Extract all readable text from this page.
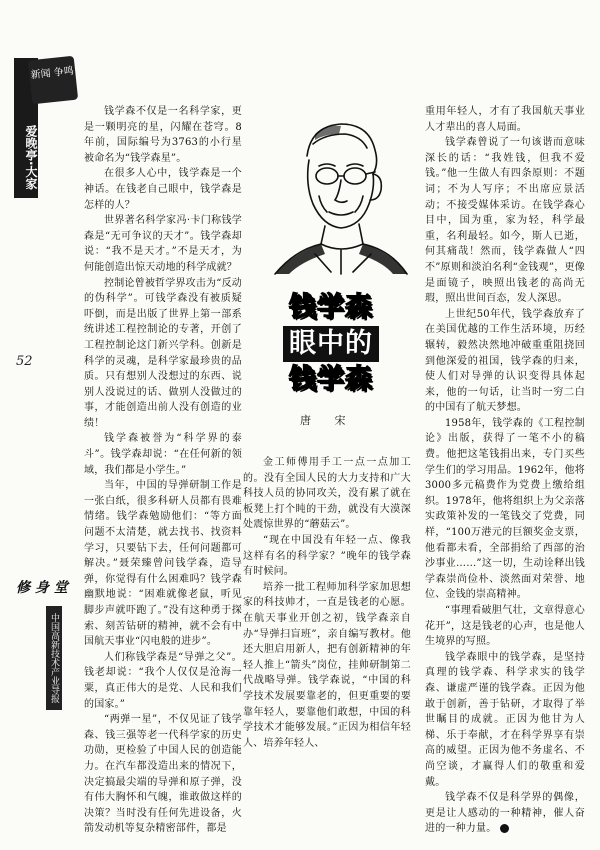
新闻 争鸣
爱晚亭·大家
52
修 身 堂
中国高新技术产业导报

钱学森不仅是一名科学家，更是一颗明亮的星，闪耀在苍穹。8年前，国际编号为3763的小行星被命名为“钱学森星”。

在很多人心中，钱学森是一个神话。在钱老自己眼中，钱学森是怎样的人？

世界著名科学家冯·卡门称钱学森是“无可争议的天才”。钱学森却说：“我不是天才。”不是天才，为何能创造出惊天动地的科学成就？

控制论曾被哲学界攻击为“反动的伪科学”。可钱学森没有被质疑吓倒，而是出版了世界上第一部系统讲述工程控制论的专著，开创了工程控制论这门新兴学科。创新是科学的灵魂，是科学家最珍贵的品质。只有想别人没想过的东西、说别人没说过的话、做别人没做过的事，才能创造出前人没有创造的业绩！

钱学森被誉为“科学界的泰斗”。钱学森却说：“在任何新的领域，我们都是小学生。”

当年，中国的导弹研制工作是一张白纸，很多科研人员都有畏难情绪。钱学森勉励他们：“等方面问题不太清楚，就去找书、找资料学习，只要钻下去，任何问题都可解决。”聂荣臻曾问钱学森，造导弹，你觉得有什么困难吗？钱学森幽默地说：“困难就像老鼠，听见脚步声就吓跑了。”没有这种勇于探索、刻苦钻研的精神，就不会有中国航天事业“闪电般的进步”。

人们称钱学森是“导弹之父”。钱老却说：“我个人仅仅是沧海一粟，真正伟大的是党、人民和我们的国家。”

“两弹一星”，不仅见证了钱学森、钱三强等老一代科学家的历史功勋，更检验了中国人民的创造能力。在汽车都没造出来的情况下，决定搞最尖端的导弹和原子弹，没有伟大胸怀和气魄，谁敢做这样的决策？当时没有任何先进设备，火箭发动机等复杂精密部件，都是

钱学森
眼中的
钱学森
唐 宋

金工师傅用手工一点一点加工的。没有全国人民的大力支持和广大科技人员的协同攻关，没有累了就在板凳上打个盹的干劲，就没有大漠深处震惊世界的“蘑菇云”。

“现在中国没有年轻一点、像我这样有名的科学家？”晚年的钱学森有时候问。

培养一批工程师加科学家加思想家的科技帅才，一直是钱老的心愿。在航天事业开创之初，钱学森亲自办“导弹扫盲班”，亲自编写教材。他还大胆启用新人，把有创新精神的年轻人推上“箭头”岗位，挂帅研制第二代战略导弹。钱学森说，“中国的科学技术发展要靠老的，但更重要的要靠年轻人，要靠他们敢想，中国的科学技术才能够发展。”正因为相信年轻人、培养年轻人、

重用年轻人，才有了我国航天事业人才辈出的喜人局面。

钱学森曾说了一句该谐而意味深长的话：“我姓钱，但我不爱钱。”他一生做人有四条原则：不题词；不为人写序；不出席应景活动；不接受媒体采访。在钱学森心目中，国为重，家为轻，科学最重，名利最轻。如今，斯人已逝，何其痛哉！然而，钱学森做人“四不”原则和淡泊名利“金钱观”，更像是面镜子，映照出钱老的高尚无瑕，照出世间百态，发人深思。

上世纪50年代，钱学森放弃了在美国优越的工作生活环境，历经辗转，毅然决然地冲破重重阻挠回到他深爱的祖国，钱学森的归来，使人们对导弹的认识变得具体起来，他的一句话，让当时一穷二白的中国有了航天梦想。

1958年，钱学森的《工程控制论》出版，获得了一笔不小的稿费。他把这笔钱捐出来，专门买些学生们的学习用品。1962年，他将3000多元稿费作为党费上缴给组织。1978年，他将组织上为父亲落实政策补发的一笔钱交了党费，同样，“100万港元的巨额奖金支票，他看都未看，全部捐给了西部的治沙事业……”这一切，生动诠释出钱学森崇尚俭朴、淡然面对荣誉、地位、金钱的崇高精神。

“事理看破胆气壮，文章得意心花开”，这是钱老的心声，也是他人生境界的写照。

钱学森眼中的钱学森，是坚持真理的钱学森、科学求实的钱学森、谦虚严谨的钱学森。正因为他敢于创新，善于钻研，才取得了举世瞩目的成就。正因为他甘为人梯、乐于奉献，才在科学界享有崇高的威望。正因为他不务虚名、不尚空谈，才赢得人们的敬重和爱戴。

钱学森不仅是科学界的偶像，更是让人感动的一种精神，催人奋进的一种力量。
